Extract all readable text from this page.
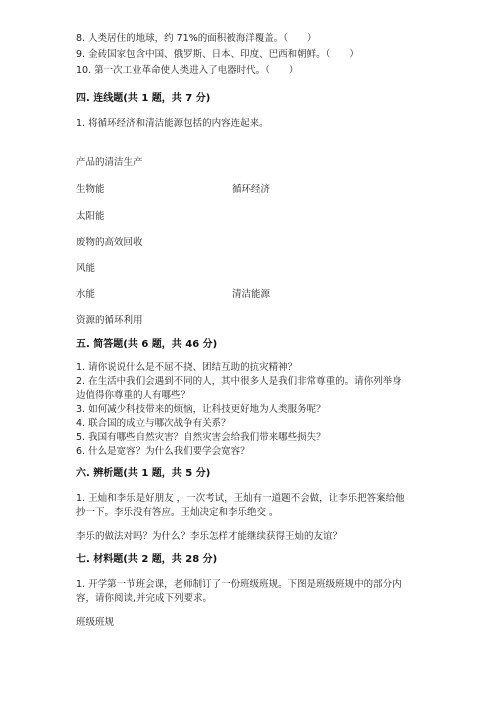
8. 人类居住的地球，约 71%的面积被海洋覆盖。（　　）
9. 金砖国家包含中国、俄罗斯、日本、印度、巴西和朝鲜。（　　）
10. 第一次工业革命使人类进入了电器时代。（　　）
四. 连线题(共 1 题，共 7 分)
1. 将循环经济和清洁能源包括的内容连起来。
产品的清洁生产
生物能	循环经济
太阳能
废物的高效回收
风能
水能	清洁能源
资源的循环利用
五. 简答题(共 6 题，共 46 分)
1. 请你说说什么是不屈不挠、团结互助的抗灾精神？
2. 在生活中我们会遇到不同的人，其中很多人是我们非常尊重的。请你列举身
边值得你尊重的人有哪些？
3. 如何减少科技带来的烦恼，让科技更好地为人类服务呢？
4. 联合国的成立与哪次战争有关系？
5. 我国有哪些自然灾害？自然灾害会给我们带来哪些损失？
6. 什么是宽容？为什么我们要学会宽容？
六. 辨析题(共 1 题，共 5 分)
1. 王灿和李乐是好朋友 ，一次考试，王灿有一道题不会做，让李乐把答案给他
抄一下。李乐没有答应。王灿决定和李乐绝交 。
李乐的做法对吗？为什么？李乐怎样才能继续获得王灿的友谊？
七. 材料题(共 2 题，共 28 分)
1. 开学第一节班会课，老师制订了一份班级班规。下图是班级班规中的部分内
容，请你阅读,并完成下列要求。
班级班规
